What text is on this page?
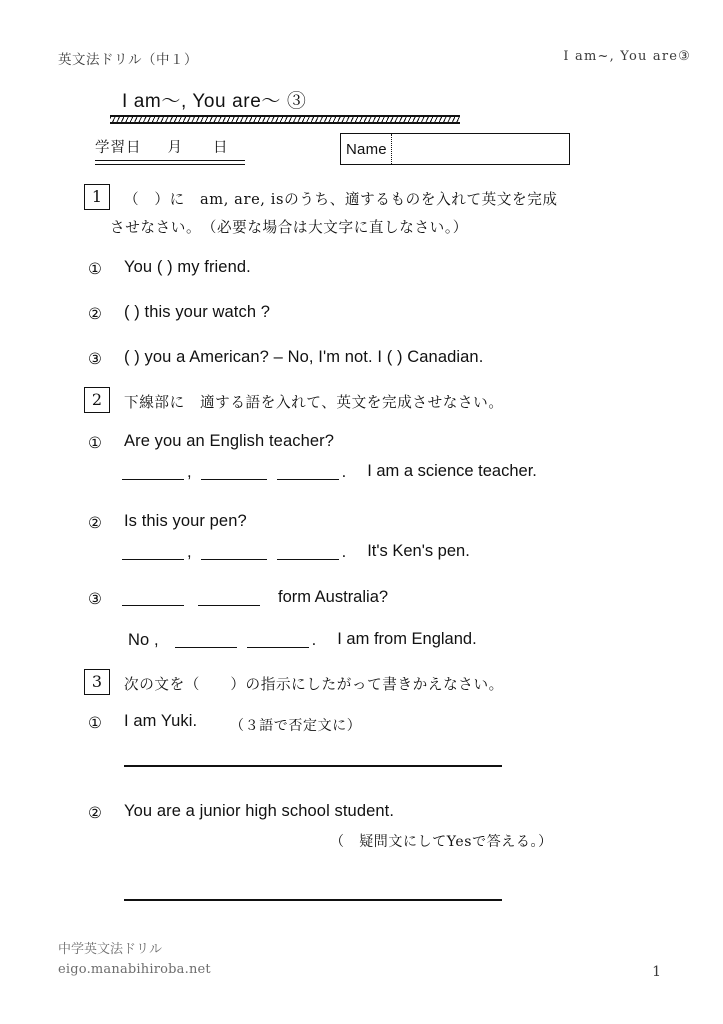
英文法ドリル（中１）	I am~, You are③
I am～, You are～ ③
学習日 月 日	Name
1	（　）に　am, are, isのうち、適するものを入れて英文を完成
させなさい。　（必要な場合は大文字に直しなさい。）
① You ( ) my friend.
② ( ) this your watch ?
③ ( ) you a American? – No, I'm not. I ( ) Canadian.
2	下線部に　適する語を入れて、英文を完成させなさい。
① Are you an English teacher?
,	.	I am a science teacher.
② Is this your pen?
,	.	It's Ken's pen.
③	form Australia?
No ,	.	I am from England.
3	次の文を（　　）の指示にしたがって書きかえなさい。
① I am Yuki. （３語で否定文に）
② You are a junior high school student.
（　疑問文にしてYesで答える。）
中学英文法ドリル
eigo.manabihiroba.net	1
